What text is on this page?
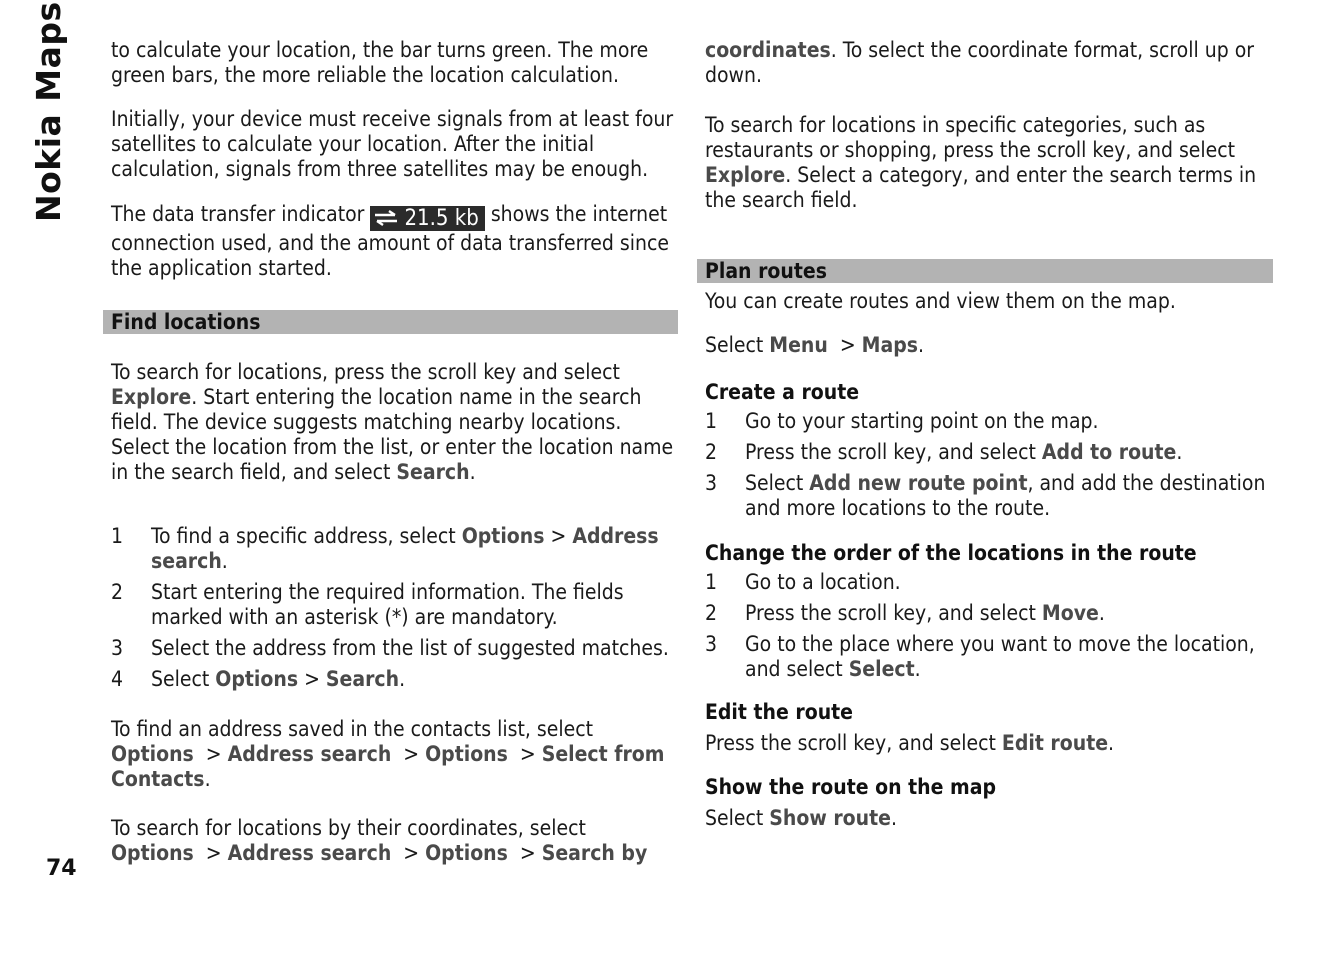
Nokia Maps
74

to calculate your location, the bar turns green. The more green bars, the more reliable the location calculation.

Initially, your device must receive signals from at least four satellites to calculate your location. After the initial calculation, signals from three satellites may be enough.

The data transfer indicator 21.5 kb shows the internet connection used, and the amount of data transferred since the application started.

Find locations

To search for locations, press the scroll key and select Explore. Start entering the location name in the search field. The device suggests matching nearby locations. Select the location from the list, or enter the location name in the search field, and select Search.

1	To find a specific address, select Options > Address search.
2	Start entering the required information. The fields marked with an asterisk (*) are mandatory.
3	Select the address from the list of suggested matches.
4	Select Options > Search.

To find an address saved in the contacts list, select
Options  > Address search  > Options  > Select from Contacts.

To search for locations by their coordinates, select
Options  > Address search  > Options  > Search by

coordinates. To select the coordinate format, scroll up or down.

To search for locations in specific categories, such as restaurants or shopping, press the scroll key, and select Explore. Select a category, and enter the search terms in the search field.

Plan routes

You can create routes and view them on the map.

Select Menu  > Maps.

Create a route
1	Go to your starting point on the map.
2	Press the scroll key, and select Add to route.
3	Select Add new route point, and add the destination and more locations to the route.
Change the order of the locations in the route
1	Go to a location.
2	Press the scroll key, and select Move.
3	Go to the place where you want to move the location, and select Select.
Edit the route

Press the scroll key, and select Edit route.

Show the route on the map

Select Show route.
